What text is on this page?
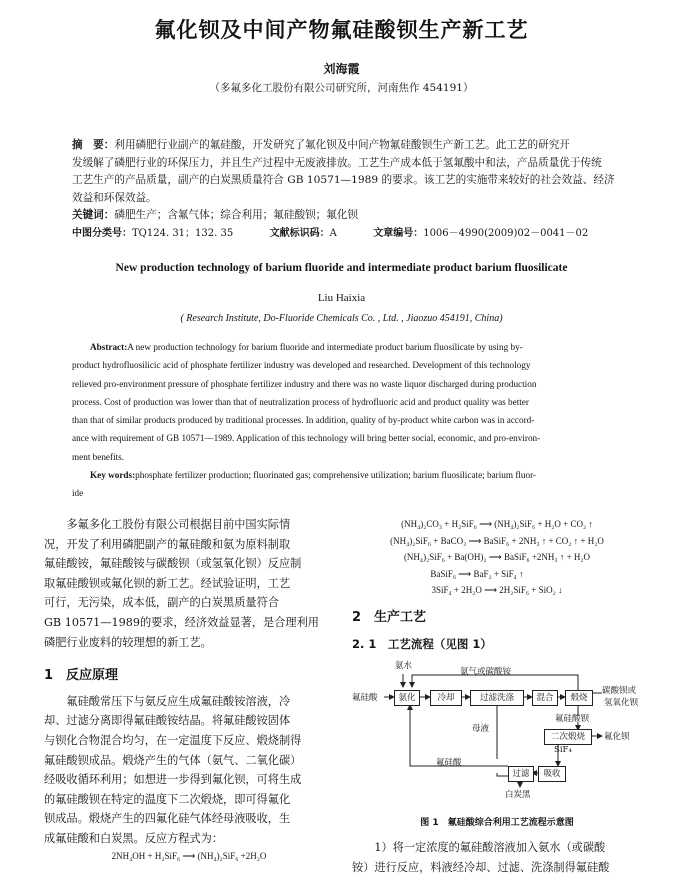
氟化钡及中间产物氟硅酸钡生产新工艺
刘海霞
（多氟多化工股份有限公司研究所，河南焦作 454191）
摘　要：利用磷肥行业副产的氟硅酸，开发研究了氟化钡及中间产物氟硅酸钡生产新工艺。此工艺的研究开
发缓解了磷肥行业的环保压力，并且生产过程中无废液排放。工艺生产成本低于氢氟酸中和法，产品质量优于传统
工艺生产的产品质量，副产的白炭黑质量符合 GB 10571—1989 的要求。该工艺的实施带来较好的社会效益、经济
效益和环保效益。
关键词：磷肥生产；含氟气体；综合利用；氟硅酸钡；氟化钡
中图分类号：TQ124. 31；132. 35	文献标识码：A	文章编号：1006－4990(2009)02－0041－02
New production technology of barium fluoride and intermediate product barium fluosilicate
Liu Haixia
( Research Institute, Do-Fluoride Chemicals Co. , Ltd. , Jiaozuo 454191, China)
Abstract:A new production technology for barium fluoride and intermediate product barium fluosilicate by using by-
product hydrofluosilicic acid of phosphate fertilizer industry was developed and researched. Development of this technology
relieved pro-environment pressure of phosphate fertilizer industry and there was no waste liquor discharged during production
process. Cost of production was lower than that of neutralization process of hydrofluoric acid and product quality was better
than that of similar products produced by traditional processes. In addition, quality of by-product white carbon was in accord-
ance with requirement of GB 10571—1989. Application of this technology will bring better social, economic, and pro-environ-
ment benefits.
Key words:phosphate fertilizer production; fluorinated gas; comprehensive utilization; barium fluosilicate; barium fluor-
ide
　　多氟多化工股份有限公司根据目前中国实际情
况，开发了利用磷肥副产的氟硅酸和氨为原料制取
氟硅酸铵，氟硅酸铵与碳酸钡（或氢氧化钡）反应制
取氟硅酸钡或氟化钡的新工艺。经试验证明，工艺
可行，无污染，成本低，副产的白炭黑质量符合
GB 10571—1989的要求，经济效益显著，是合理利用
磷肥行业废料的较理想的新工艺。
1　反应原理
　　氟硅酸常压下与氨反应生成氟硅酸铵溶液，冷
却、过滤分离即得氟硅酸铵结晶。将氟硅酸铵固体
与钡化合物混合均匀，在一定温度下反应、煅烧制得
氟硅酸钡成品。煅烧产生的气体（氨气、二氧化碳）
经吸收循环利用；如想进一步得到氟化钡，可将生成
的氟硅酸钡在特定的温度下二次煅烧，即可得氟化
钡成品。煅烧产生的四氟化硅气体经母液吸收，生
成氟硅酸和白炭黑。反应方程式为：
2NH₄OH + H₂SiF₆ ⟶ (NH₄)₂SiF₆ +2H₂O
(NH₄)₂CO₃ + H₂SiF₆ ⟶ (NH₄)₂SiF₆ + H₂O + CO₂ ↑
(NH₄)₂SiF₆ + BaCO₃ ⟶ BaSiF₆ + 2NH₃ ↑ + CO₂ ↑ + H₂O
(NH₄)₂SiF₆ + Ba(OH)₂ ⟶ BaSiF₆ +2NH₃ ↑ + H₂O
BaSiF₆ ⟶ BaF₂ + SiF₄ ↑
3SiF₄ + 2H₂O ⟶ 2H₂SiF₆ + SiO₂ ↓
2　生产工艺
2. 1　工艺流程（见图 1）
氨水
氨气或碳酸铵
氟硅酸	氨化	冷却	过滤洗涤	混合	煅烧
碳酸钡或
氢氧化钡
氟硅酸钡
二次煅烧	氟化钡
SiF₄
母液
氟硅酸
过滤	吸收
白炭黑
图 1　氟硅酸综合利用工艺流程示意图
　　1）将一定浓度的氟硅酸溶液加入氨水（或碳酸
铵）进行反应，料液经冷却、过滤、洗涤制得氟硅酸
